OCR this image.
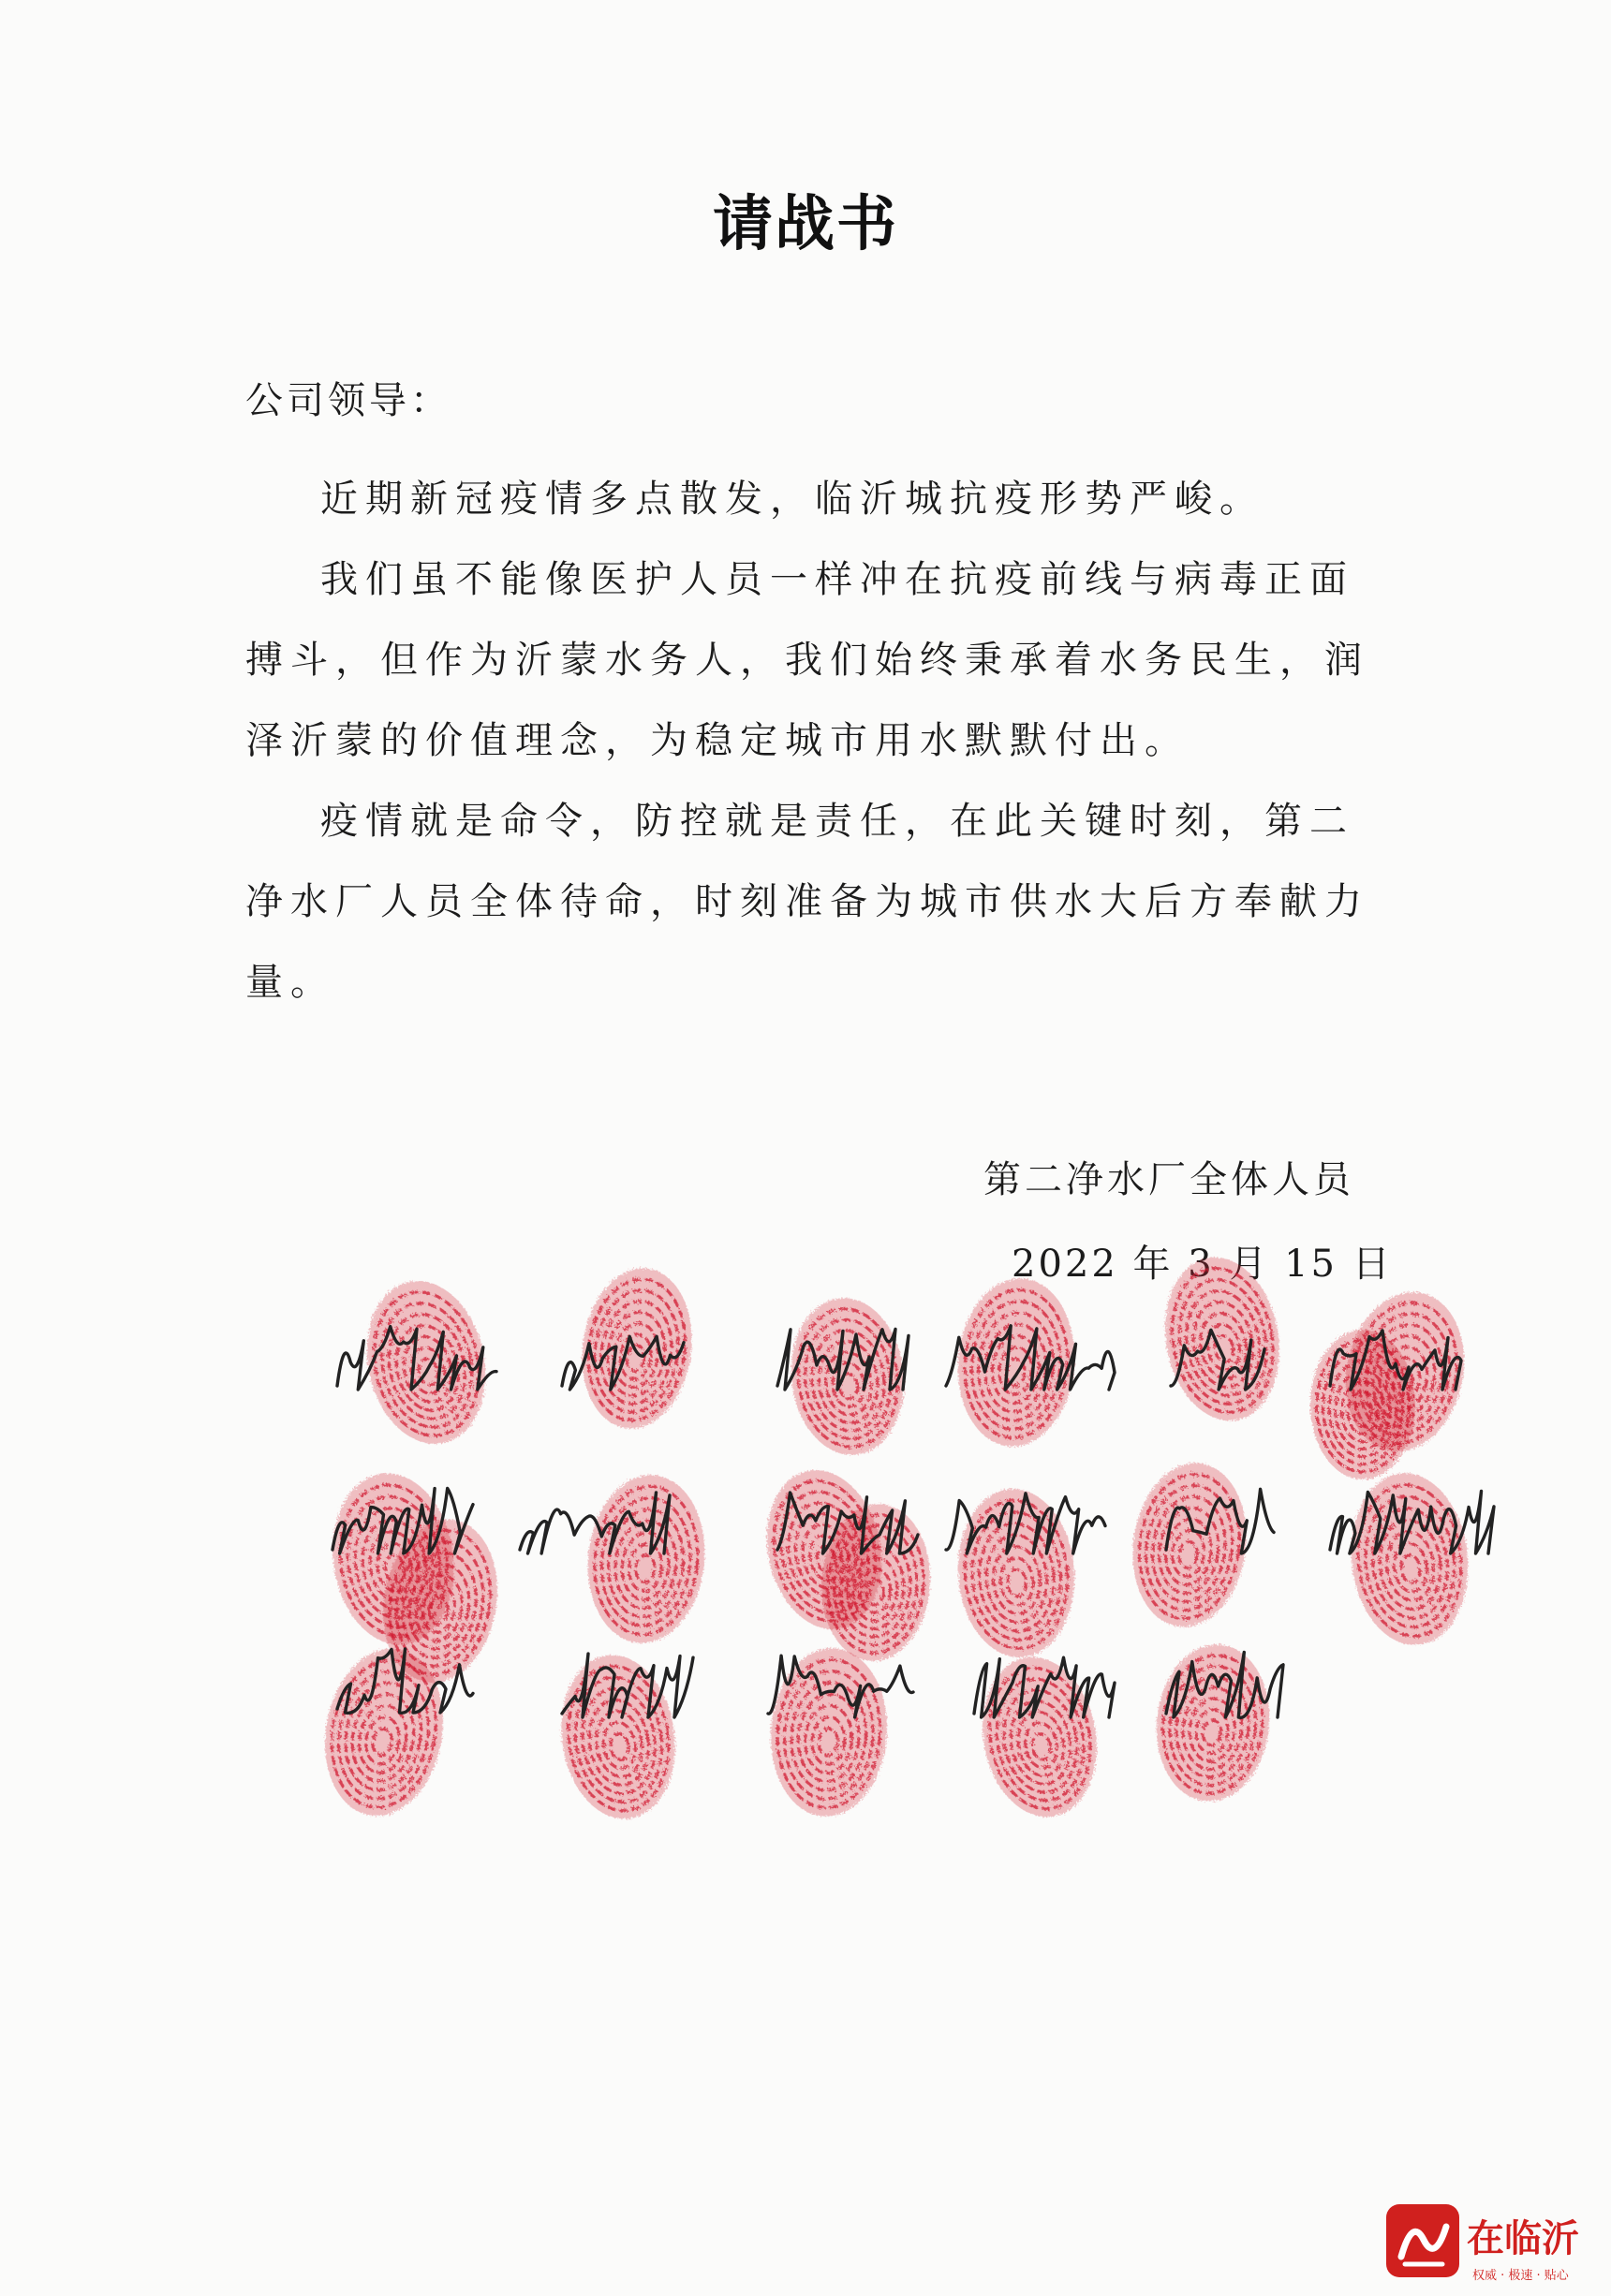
请战书
公司领导：

近期新冠疫情多点散发，临沂城抗疫形势严峻。

我们虽不能像医护人员一样冲在抗疫前线与病毒正面搏斗，但作为沂蒙水务人，我们始终秉承着水务民生，润泽沂蒙的价值理念，为稳定城市用水默默付出。

疫情就是命令，防控就是责任，在此关键时刻，第二净水厂人员全体待命，时刻准备为城市供水大后方奉献力量。

第二净水厂全体人员
2022 年 3 月 15 日
在临沂
权威 · 极速 · 贴心
